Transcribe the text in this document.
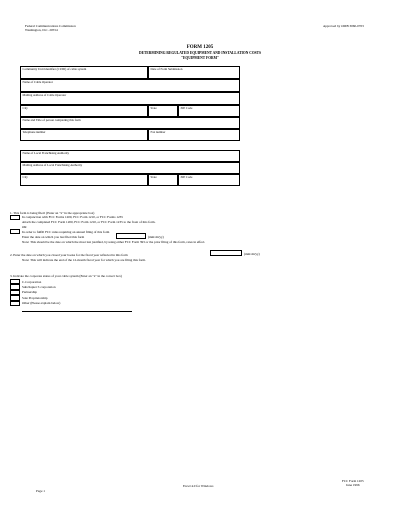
Federal Communications Commission
Washington, D.C. 20554
Approved by OMB 3060-0703
FORM 1205
DETERMINING REGULATED EQUIPMENT AND INSTALLATION COSTS
"EQUIPMENT FORM"
Community Unit Identifier (CUID) of cable system	Date of Form Submission
Name of Cable Operator
Mailing Address of Cable Operator
City	State	ZIP Code
Name and Title of person completing this form
Telephone number	Fax number
Name of Local Franchising Authority
Mailing Address of Local Franchising Authority
City	State	ZIP Code
1. This form is being filed: (Enter an "x" in the appropriate box)
In conjunction with FCC Forms 1200, FCC Form 1210, or FCC Forms 1235
Attach the completed FCC Form 1200, FCC Form 1210, or FCC Form 1235 to the front of this form.
OR
In order to fulfill FCC rules requiring an annual filing of this form
Enter the date on which you last filed this form	(mm/dd/yy)
Note: This should be the date on which the most last justified, by using either FCC Form 393 or the prior filing of this form, rates in effect.
2. Enter the date on which you closed your books for the fiscal year reflected in this form	(mm/dd/yy)
Note: This will indicate the end of the 12-month fiscal year for which you are filing this form.
3. Indicate the corporate status of your cable system (Enter an "x" in the correct box)
C-Corporation
Subchapter S corporation
Partnership
Sole Proprietorship
Other (Please explain below)
Page 1
Excel 4.0 for Windows
FCC Form 1205
June 1996
